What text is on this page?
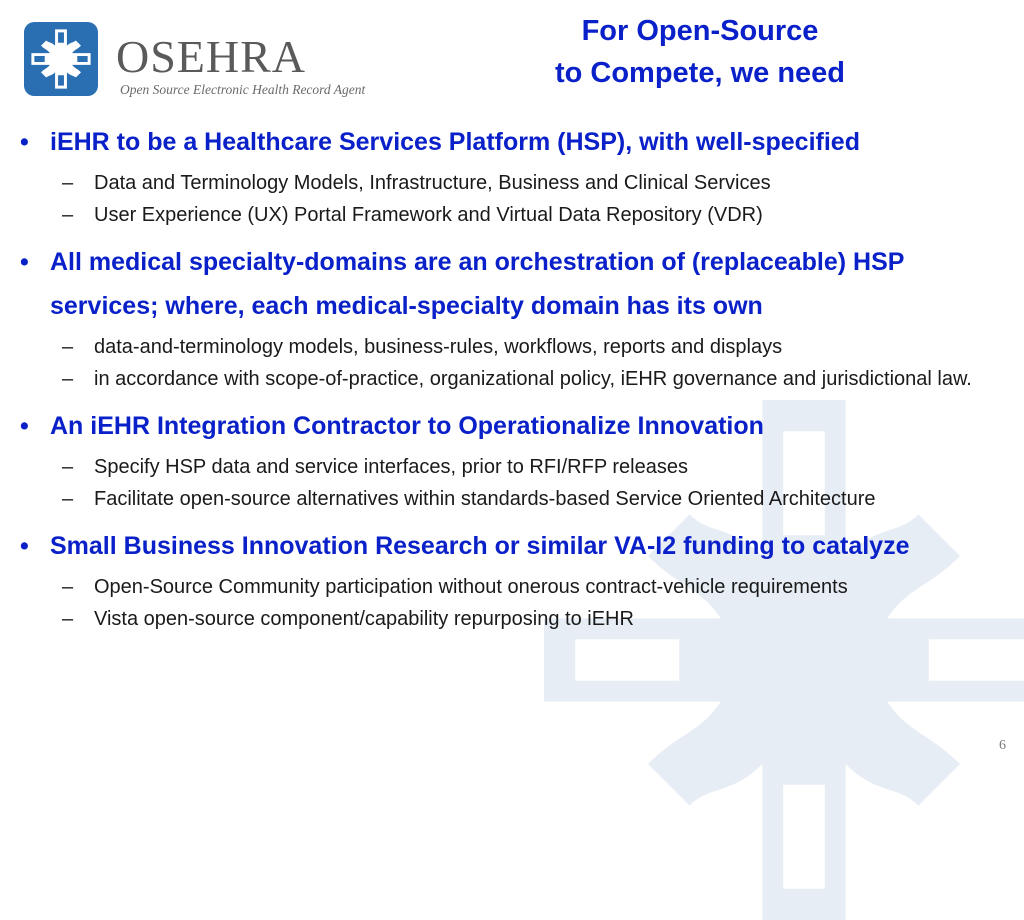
OSEHRA
Open Source Electronic Health Record Agent
For Open-Source
to Compete, we need
• iEHR to be a Healthcare Services Platform (HSP), with well-specified
–	Data and Terminology Models, Infrastructure, Business and Clinical Services
–	User Experience (UX) Portal Framework and Virtual Data Repository (VDR)
• All medical specialty-domains are an orchestration of (replaceable) HSP services; where, each medical-specialty domain has its own
–	data-and-terminology models, business-rules, workflows, reports and displays
–	in accordance with scope-of-practice, organizational policy, iEHR governance and jurisdictional law.
• An iEHR Integration Contractor to Operationalize Innovation
–	Specify HSP data and service interfaces, prior to RFI/RFP releases
–	Facilitate open-source alternatives within standards-based Service Oriented Architecture
• Small Business Innovation Research or similar VA-I2 funding to catalyze
–	Open-Source Community participation without onerous contract-vehicle requirements
–	Vista open-source component/capability repurposing to iEHR
6
